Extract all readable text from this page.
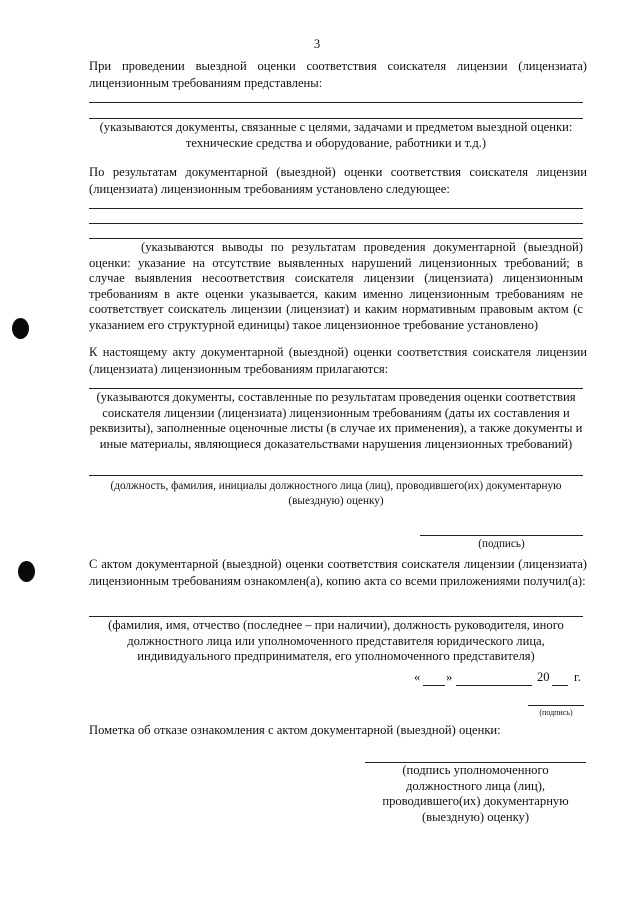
3
При проведении выездной оценки соответствия соискателя лицензии (лицензиата) лицензионным требованиям представлены:
(указываются документы, связанные с целями, задачами и предметом выездной оценки: технические средства и оборудование, работники и т.д.)
По результатам документарной (выездной) оценки соответствия соискателя лицензии (лицензиата) лицензионным требованиям установлено следующее:
(указываются выводы по результатам проведения документарной (выездной) оценки: указание на отсутствие выявленных нарушений лицензионных требований; в случае выявления несоответствия соискателя лицензии (лицензиата) лицензионным требованиям в акте оценки указывается, каким именно лицензионным требованиям не соответствует соискатель лицензии (лицензиат) и каким нормативным правовым актом (с указанием его структурной единицы) такое лицензионное требование установлено)
К настоящему акту документарной (выездной) оценки соответствия соискателя лицензии (лицензиата) лицензионным требованиям прилагаются:
(указываются документы, составленные по результатам проведения оценки соответствия соискателя лицензии (лицензиата) лицензионным требованиям (даты их составления и реквизиты), заполненные оценочные листы (в случае их применения), а также документы и иные материалы, являющиеся доказательствами нарушения лицензионных требований)
(должность, фамилия, инициалы должностного лица (лиц), проводившего(их) документарную (выездную) оценку)
(подпись)
С актом документарной (выездной) оценки соответствия соискателя лицензии (лицензиата) лицензионным требованиям ознакомлен(а), копию акта со всеми приложениями получил(а):
(фамилия, имя, отчество (последнее – при наличии), должность руководителя, иного должностного лица или уполномоченного представителя юридического лица, индивидуального предпринимателя, его уполномоченного представителя)
« »	20 г.
(подпись)
Пометка об отказе ознакомления с актом документарной (выездной) оценки:
(подпись уполномоченного должностного лица (лиц), проводившего(их) документарную (выездную) оценку)
